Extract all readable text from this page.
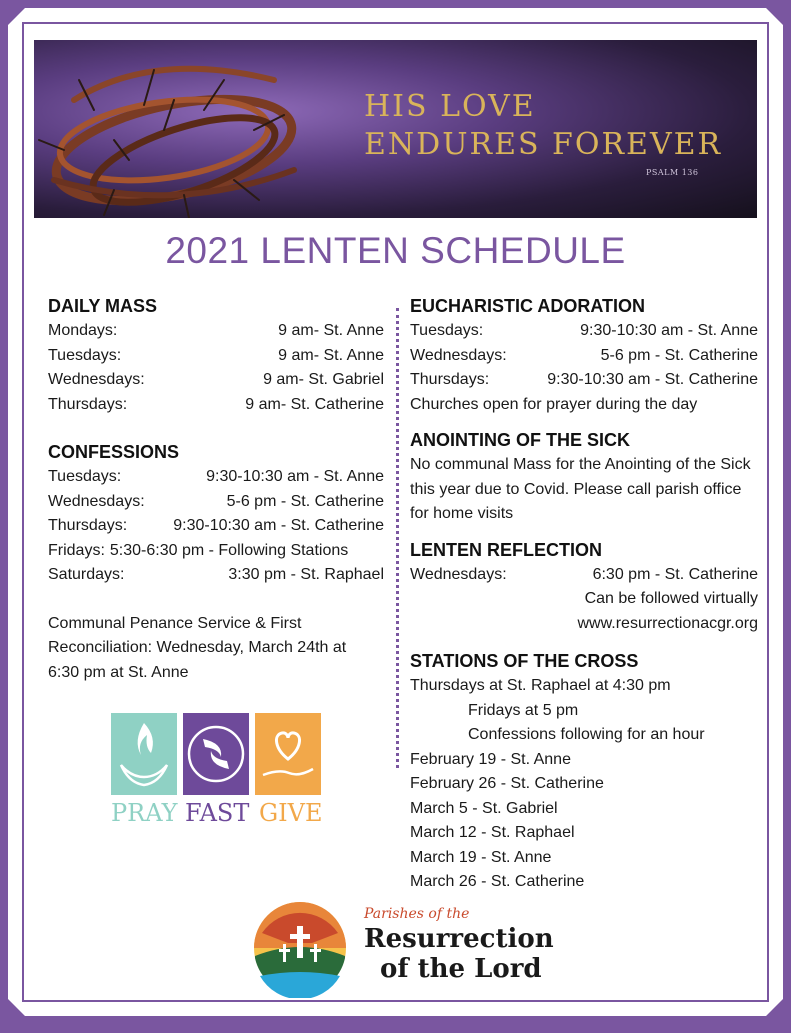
HIS LOVE
ENDURES FOREVER
PSALM 136
2021 LENTEN SCHEDULE
DAILY MASS
Mondays:	9 am- St. Anne
Tuesdays:	9 am- St. Anne
Wednesdays:	9 am- St. Gabriel
Thursdays:	9 am- St. Catherine
CONFESSIONS
Tuesdays:	9:30-10:30 am - St. Anne
Wednesdays:	5-6 pm - St. Catherine
Thursdays:	9:30-10:30 am - St. Catherine
Fridays: 5:30-6:30 pm - Following Stations
Saturdays:	3:30 pm - St. Raphael

Communal Penance Service & First Reconciliation: Wednesday, March 24th at 6:30 pm at St. Anne

EUCHARISTIC ADORATION
Tuesdays:	9:30-10:30 am - St. Anne
Wednesdays:	5-6 pm - St. Catherine
Thursdays:	9:30-10:30 am - St. Catherine

Churches open for prayer during the day

ANOINTING OF THE SICK

No communal Mass for the Anointing of the Sick this year due to Covid. Please call parish office for home visits

LENTEN REFLECTION
Wednesdays:	6:30 pm - St. Catherine
Can be followed virtually
www.resurrectionacgr.org
STATIONS OF THE CROSS
Thursdays at St. Raphael at 4:30 pm
Fridays at 5 pm
Confessions following for an hour
February 19 - St. Anne
February 26 - St. Catherine
March 5 - St. Gabriel
March 12 - St. Raphael
March 19 - St. Anne
March 26 - St. Catherine
PRAY FAST GIVE
Parishes of the
Resurrection
of the Lord
